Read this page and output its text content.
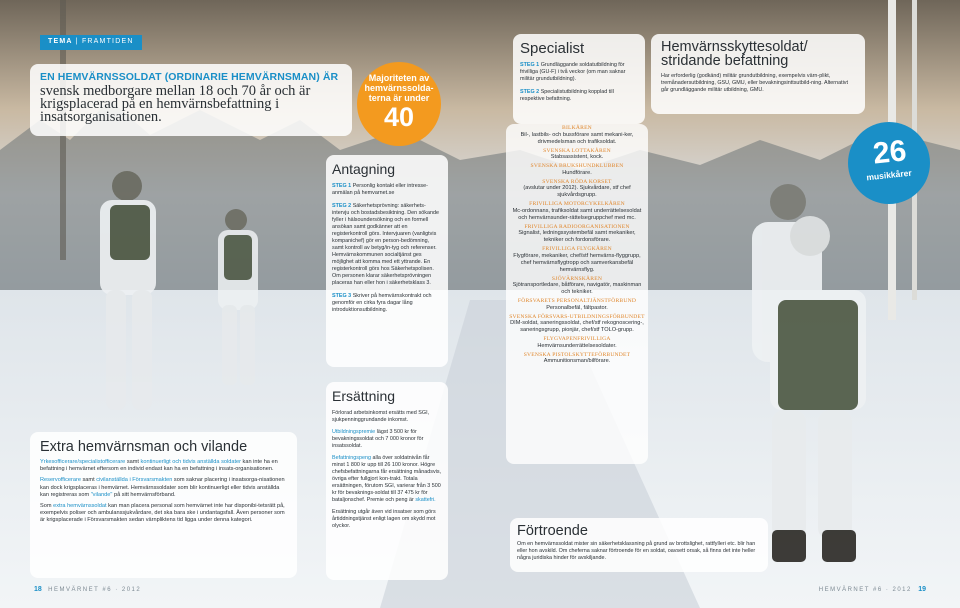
TEMA | FRAMTIDEN
EN HEMVÄRNSSOLDAT (ORDINARIE HEMVÄRNSMAN) ÄR
svensk medborgare mellan 18 och 70 år och är krigsplacerad på en hemvärnsbefattning i insatsorganisationen.
Majoriteten av hemvärnssolda-terna är under
40
Antagning
STEG 1 Personlig kontakt eller intresse-anmälan på hemvarnet.se
STEG 2 Säkerhetsprövning: säkerhets-intervju och bostadsbesiktning. Den sökande fyller i hälsoundersökning och en formell ansökan samt godkänner att en registerkontroll görs. Intervjuaren (vanligtvis kompanichef) gör en person-bedömning, samt kontroll av betyg/in-tyg och referenser. Hemvärnskommunen socialtjänst ges möjlighet att komma med ett yttrande. En registerkontroll görs hos Säkerhetspolisen. Om personen klarar säkerhetsprövningen placeras han eller hon i säkerhetsklass 3.
STEG 3 Skriver på hemvärnskontrakt och genomför en cirka fyra dagar lång introduktionsutbildning.
Ersättning
Förlorad arbetsinkomst ersätts med SGI, sjukpenninggrundande inkomst.
Utbildningspremie lägst 3 500 kr för bevakningssoldat och 7 000 kronor för insatssoldat.
Befattningspeng alla över soldatnivån får minst 1 800 kr upp till 26 100 kronor. Högre chefsbefattningarna får ersättning månadsvis, övriga efter fullgjort kon-trakt. Totala ersättningen, förutom SGI, varierar från 3 500 kr för bevaknings-soldat till 37 475 kr för bataljonschef. Premie och peng är skattefri.
Ersättning utgår även vid insatser som görs årtiddningstjänst enligt lagen om skydd mot olyckor.
Specialist
STEG 1 Grundläggande soldatutbildning för frivilliga (GU-F) i två veckor (om man saknar militär grundutbildning).
STEG 2 Specialistutbildning kopplad till respektive befattning.
Hemvärnsskyttesoldat/ stridande befattning
Har erforderlig (godkänd) militär grundutbildning, exempelvis värn-plikt, tremånadersutbildning, GSU, GMU, eller bevakningsinttsutbild-ning. Alternativt går grundläggande militär utbildning, GMU.
BILKÅREN
Bil-, lastbils- och bussförare samt mekani-ker, drivmedelsman och trafiksoldat.
SVENSKA LOTTAKÅREN
Stabsassistent, kock.
SVENSKA BRUKSHUNDKLUBBEN
Hundförare.
SVENSKA RÖDA KORSET
(avslutar under 2012). Sjukvårdare, stf chef sjukvårdsgrupp.
FRIVILLIGA MOTORCYKELKÅREN
Mc-ordonnans, trafiksoldat samt underrättelsesoldat och hemvärnsunder-rättelsegruppchef med mc.
FRIVILLIGA RADIOORGANISATIONEN
Signalist, ledningssystembefäl samt mekaniker, tekniker och fordonsförare.
FRIVILLIGA FLYGKÅREN
Flygförare, mekaniker, chef/stf hemvärns-flyggrupp, chef hemvärnsflygtropp och samverkansbefäl hemvärnsflyg.
SJÖVÄRNSKÅREN
Sjötransportledare, båtförare, navigatör, maskinman och tekniker.
FÖRSVARETS PERSONALTJÄNSTFÖRBUND
Personalbefäl, fältpastor.
SVENSKA FÖRSVARS-UTBILDNINGSFÖRBUNDET
DIM-soldat, saneringssoldat, chef/stf rekognoscering-, saneringsgrupp, pionjär, chef/stf TOLO-grupp.
FLYGVAPENFRIVILLIGA
Hemvärnsunderrättelsesoldater.
SVENSKA PISTOLSKYTTEFÖRBUNDET
Ammunitionsman/bilförare.
26
musikkårer
Extra hemvärnsman och vilande
Yrkesofficerare/specialistofficerare samt kontinuerligt och tidvis anställda soldater kan inte ha en befattning i hemvärnet eftersom en individ endast kan ha en befattning i insats-organisationen.
Reservofficerare samt civilanställda i Försvarsmakten som saknar placering i insatsorga-nisationen kan dock krigsplaceras i hemvärnet. Hemvärnssoldater som blir kontinuerligt eller tidvis anställda kan registreras som "vilande" på sitt hemvärnsförband.
Som extra hemvärnssoldat kan man placera personal som hemvärnet inte har disponibi-tetsrätt på, exempelvis poliser och ambulanssjukvårdare, det ska bara ske i undantagsfall. Även personer som är krigsplacerade i Försvarsmakten sedan värnpliktens tid ligga under denna kategori.
Förtroende
Om en hemvärnssoldat mister sin säkerhetsklassning på grund av brottslighet, rattfylleri etc. blir han eller hon avskild. Om cheferna saknar förtroende för en soldat, oavsett orsak, så finns det inte heller några juridiska hinder för avskiljande.
18 HEMVÄRNET #6 · 2012	HEMVÄRNET #6 · 2012 19
